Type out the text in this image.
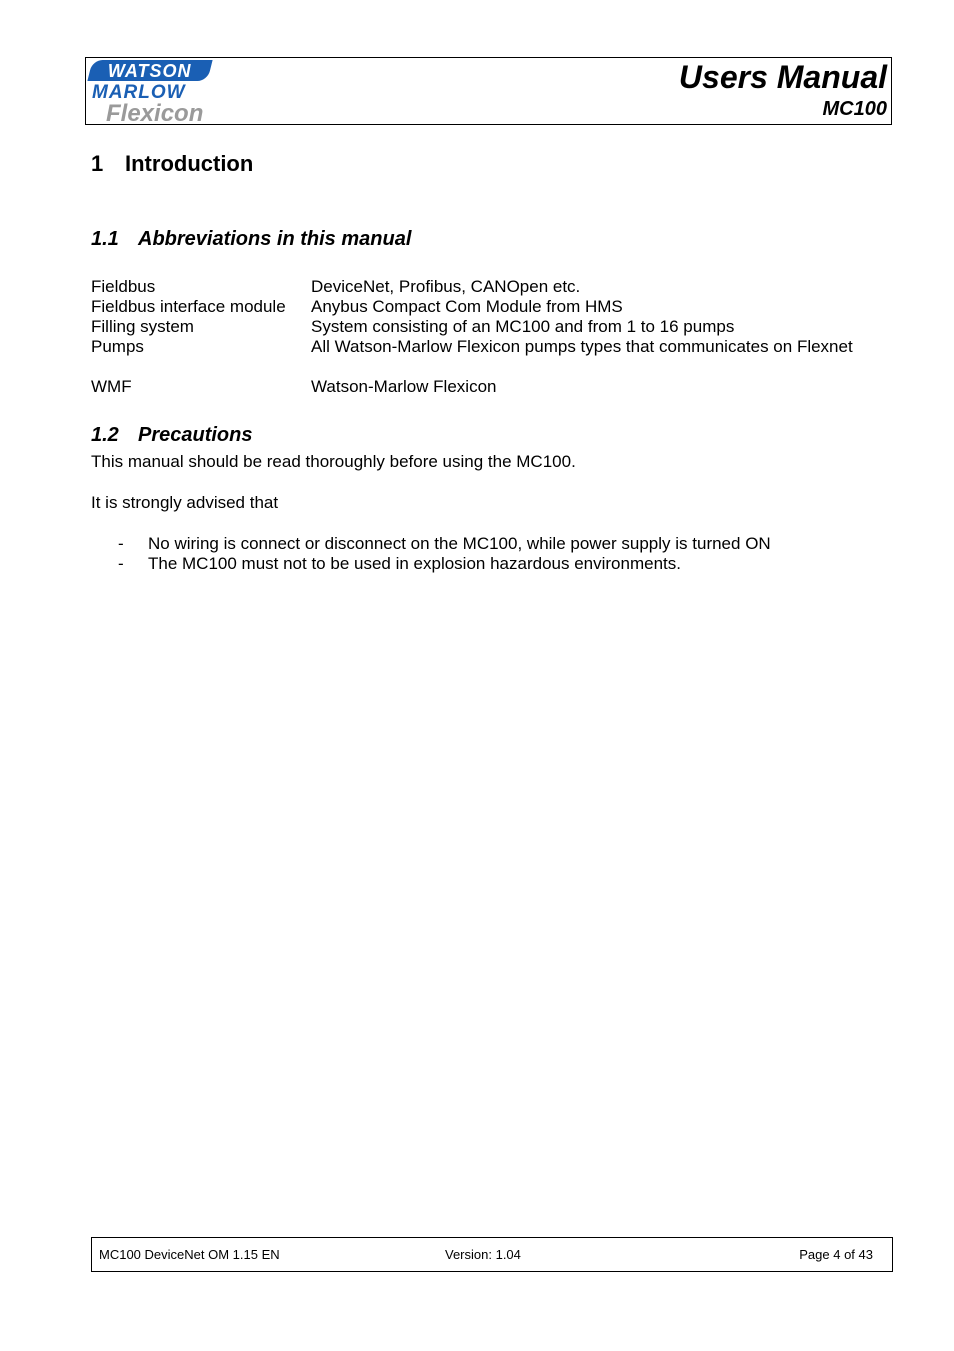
WATSON
MARLOW
Flexicon
Users Manual
MC100
1 Introduction
1.1 Abbreviations in this manual
Fieldbus	DeviceNet, Profibus, CANOpen etc.
Fieldbus interface module	Anybus Compact Com Module from HMS
Filling system	System consisting of an MC100 and from 1 to 16 pumps
Pumps	All Watson-Marlow Flexicon pumps types that communicates on Flexnet
WMF	Watson-Marlow Flexicon
1.2 Precautions
This manual should be read thoroughly before using the MC100.
It is strongly advised that
-	No wiring is connect or disconnect on the MC100, while power supply is turned ON
-	The MC100 must not to be used in explosion hazardous environments.
MC100 DeviceNet OM 1.15 EN	Version: 1.04	Page 4 of 43
